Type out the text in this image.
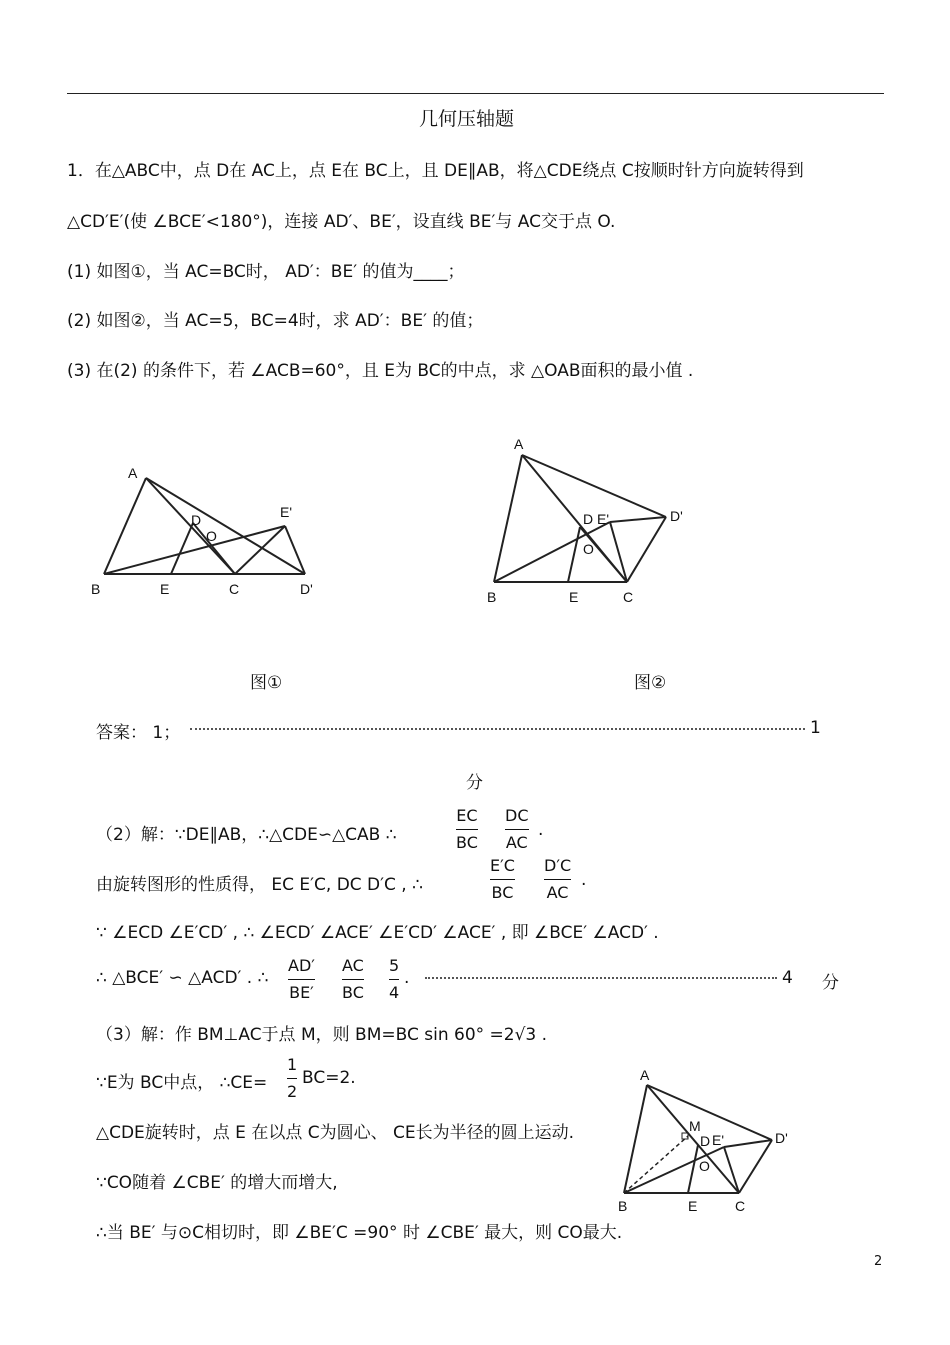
几何压轴题
1．在△ABC中，点 D在 AC上，点 E在 BC上，且 DE∥AB，将△CDE绕点 C按顺时针方向旋转得到
△CD′E′(使 ∠BCE′<180°)，连接 AD′、BE′，设直线 BE′与 AC交于点 O.
(1) 如图①，当 AC=BC时， AD′：BE′ 的值为____；
(2) 如图②，当 AC=5，BC=4时，求 AD′：BE′ 的值；
(3) 在(2) 的条件下，若 ∠ACB=60°，且 E为 BC的中点，求 △OAB面积的最小值 .
A
B	C
D
E
O
D'
E'
A
B	C
D
E
O
D'
E'
图①	图②
答案： 1；	1
分
（2）解：∵DE∥AB，∴△CDE∽△CAB ∴
EC
BC
DC
AC
.
由旋转图形的性质得， EC E′C, DC D′C , ∴
E′C
BC
D′C
AC
.
∵ ∠ECD ∠E′CD′ , ∴ ∠ECD′ ∠ACE′ ∠E′CD′ ∠ACE′ , 即 ∠BCE′ ∠ACD′ .
∴ △BCE′ ∽ △ACD′ . ∴
AD′
BE′
AC
BC
5
4
.	4 分
（3）解：作 BM⊥AC于点 M，则 BM=BC sin 60° =2√3 .
∵E为 BC中点， ∴CE=
1
2
BC=2.
△CDE旋转时，点 E 在以点 C为圆心、 CE长为半径的圆上运动.
∵CO随着 ∠CBE′ 的增大而增大,
∴当 BE′ 与⊙C相切时，即 ∠BE′C =90° 时 ∠CBE′ 最大，则 CO最大.
A
B	C
M
D E'
O
E
D'
2
